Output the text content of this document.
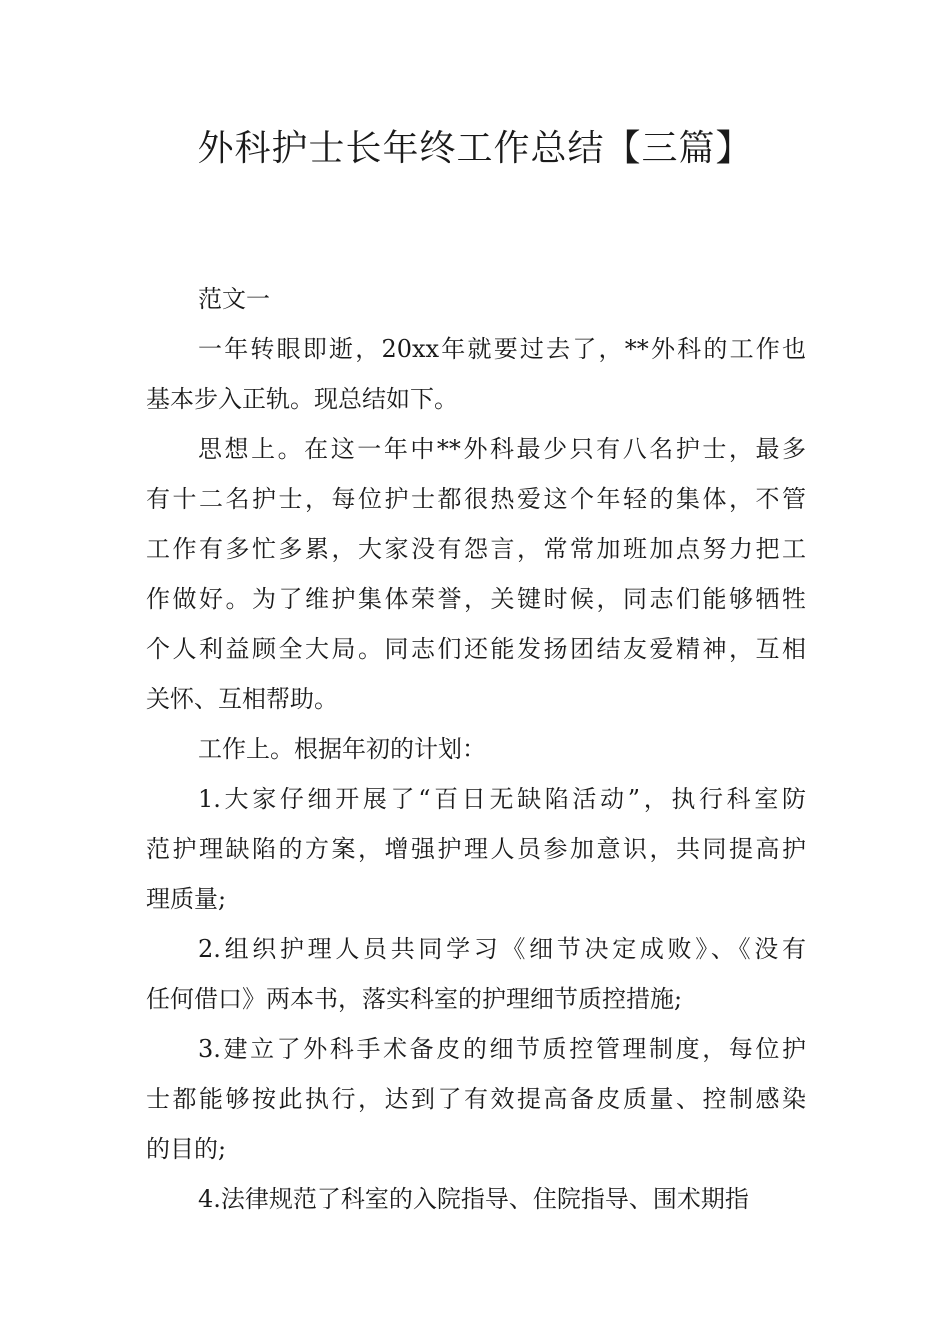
外科护士长年终工作总结【三篇】
范文一
一年转眼即逝，20xx年就要过去了，**外科的工作也
基本步入正轨。现总结如下。
思想上。在这一年中**外科最少只有八名护士，最多
有十二名护士，每位护士都很热爱这个年轻的集体，不管
工作有多忙多累，大家没有怨言，常常加班加点努力把工
作做好。为了维护集体荣誉，关键时候，同志们能够牺牲
个人利益顾全大局。同志们还能发扬团结友爱精神，互相
关怀、互相帮助。
工作上。根据年初的计划：
1.大家仔细开展了“百日无缺陷活动”，执行科室防
范护理缺陷的方案，增强护理人员参加意识，共同提高护
理质量;
2.组织护理人员共同学习《细节决定成败》、《没有
任何借口》两本书，落实科室的护理细节质控措施;
3.建立了外科手术备皮的细节质控管理制度，每位护
士都能够按此执行，达到了有效提高备皮质量、控制感染
的目的;
4.法律规范了科室的入院指导、住院指导、围术期指
